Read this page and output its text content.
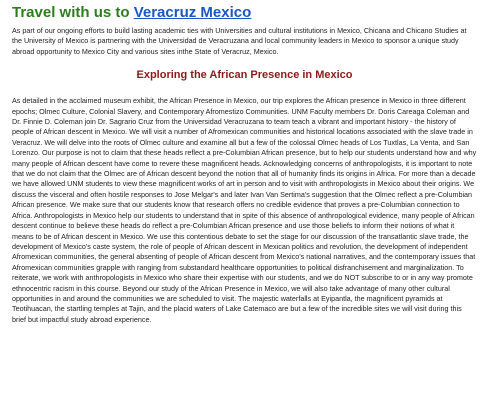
Travel with us to Veracruz Mexico

As part of our ongoing efforts to build lasting academic ties with Universities and cultural institutions in Mexico, Chicana and Chicano Studies at the University of Mexico is partnering with the Universidad de Veracruzana and local community leaders in Mexico to sponsor a unique study abroad opportunity to Mexico City and various sites inthe State of Veracruz, Mexico.

Exploring the African Presence in Mexico

As detailed in the acclaimed museum exhibit, the African Presence in Mexico, our trip explores the African presence in Mexico in three different epochs; Olmec Culture, Colonial Slavery, and Contemporary Afromestizo Communities. UNM Faculty members Dr. Doris Careaga Coleman and Dr. Finnie D. Coleman join Dr. Sagrario Cruz from the Universidad Veracruzana to team teach a vibrant and important history - the history of people of African descent in Mexico. We will visit a number of Afromexican communities and historical locations associated with the slave trade in Veracruz. We will delve into the roots of Olmec culture and examine all but a few of the colossal Olmec heads of Los Tuxtlas, La Venta, and San Lorenzo. Our purpose is not to claim that these heads reflect a pre-Columbian African presence, but to help our students understand how and why many people of African descent have come to revere these magnificent heads. Acknowledging concerns of anthropologists, it is important to note that we do not claim that the Olmec are of African descent beyond the notion that all of humanity finds its origins in Africa. For more than a decade we have allowed UNM students to view these magnificent works of art in person and to visit with anthropologists in Mexico about their origins. We discuss the visceral and often hostile responses to Jose Melgar's and later Ivan Van Sertima's suggestion that the Olmec reflect a pre-Columbian African presence. We make sure that our students know that research offers no credible evidence that proves a pre-Columbian connection to Africa. Anthropologists in Mexico help our students to understand that in spite of this absence of anthropological evidence, many people of African descent continue to believe these heads do reflect a pre-Columbian African presence and use those beliefs to inform their notions of what it means to be of African descent in Mexico. We use this contentious debate to set the stage for our discussion of the transatlantic slave trade, the development of Mexico's caste system, the role of people of African descent in Mexican politics and revolution, the development of independent Afromexican communities, the general absenting of people of African descent from Mexico's national narratives, and the contemporary issues that Afromexican communities grapple with ranging from substandard healthcare opportunities to political disfranchisement and marginalization. To reiterate, we work with anthropologists in Mexico who share their expertise with our students, and we do NOT subscribe to or in any way promote ethnocentric racism in this course. Beyond our study of the African Presence in Mexico, we will also take advantage of many other cultural opportunities in and around the communities we are scheduled to visit. The majestic waterfalls at Eyipantla, the magnificent pyramids at Teotihuacan, the startling temples at Tajin, and the placid waters of Lake Catemaco are but a few of the incredible sites we will visit during this brief but impactful study abroad experience.
